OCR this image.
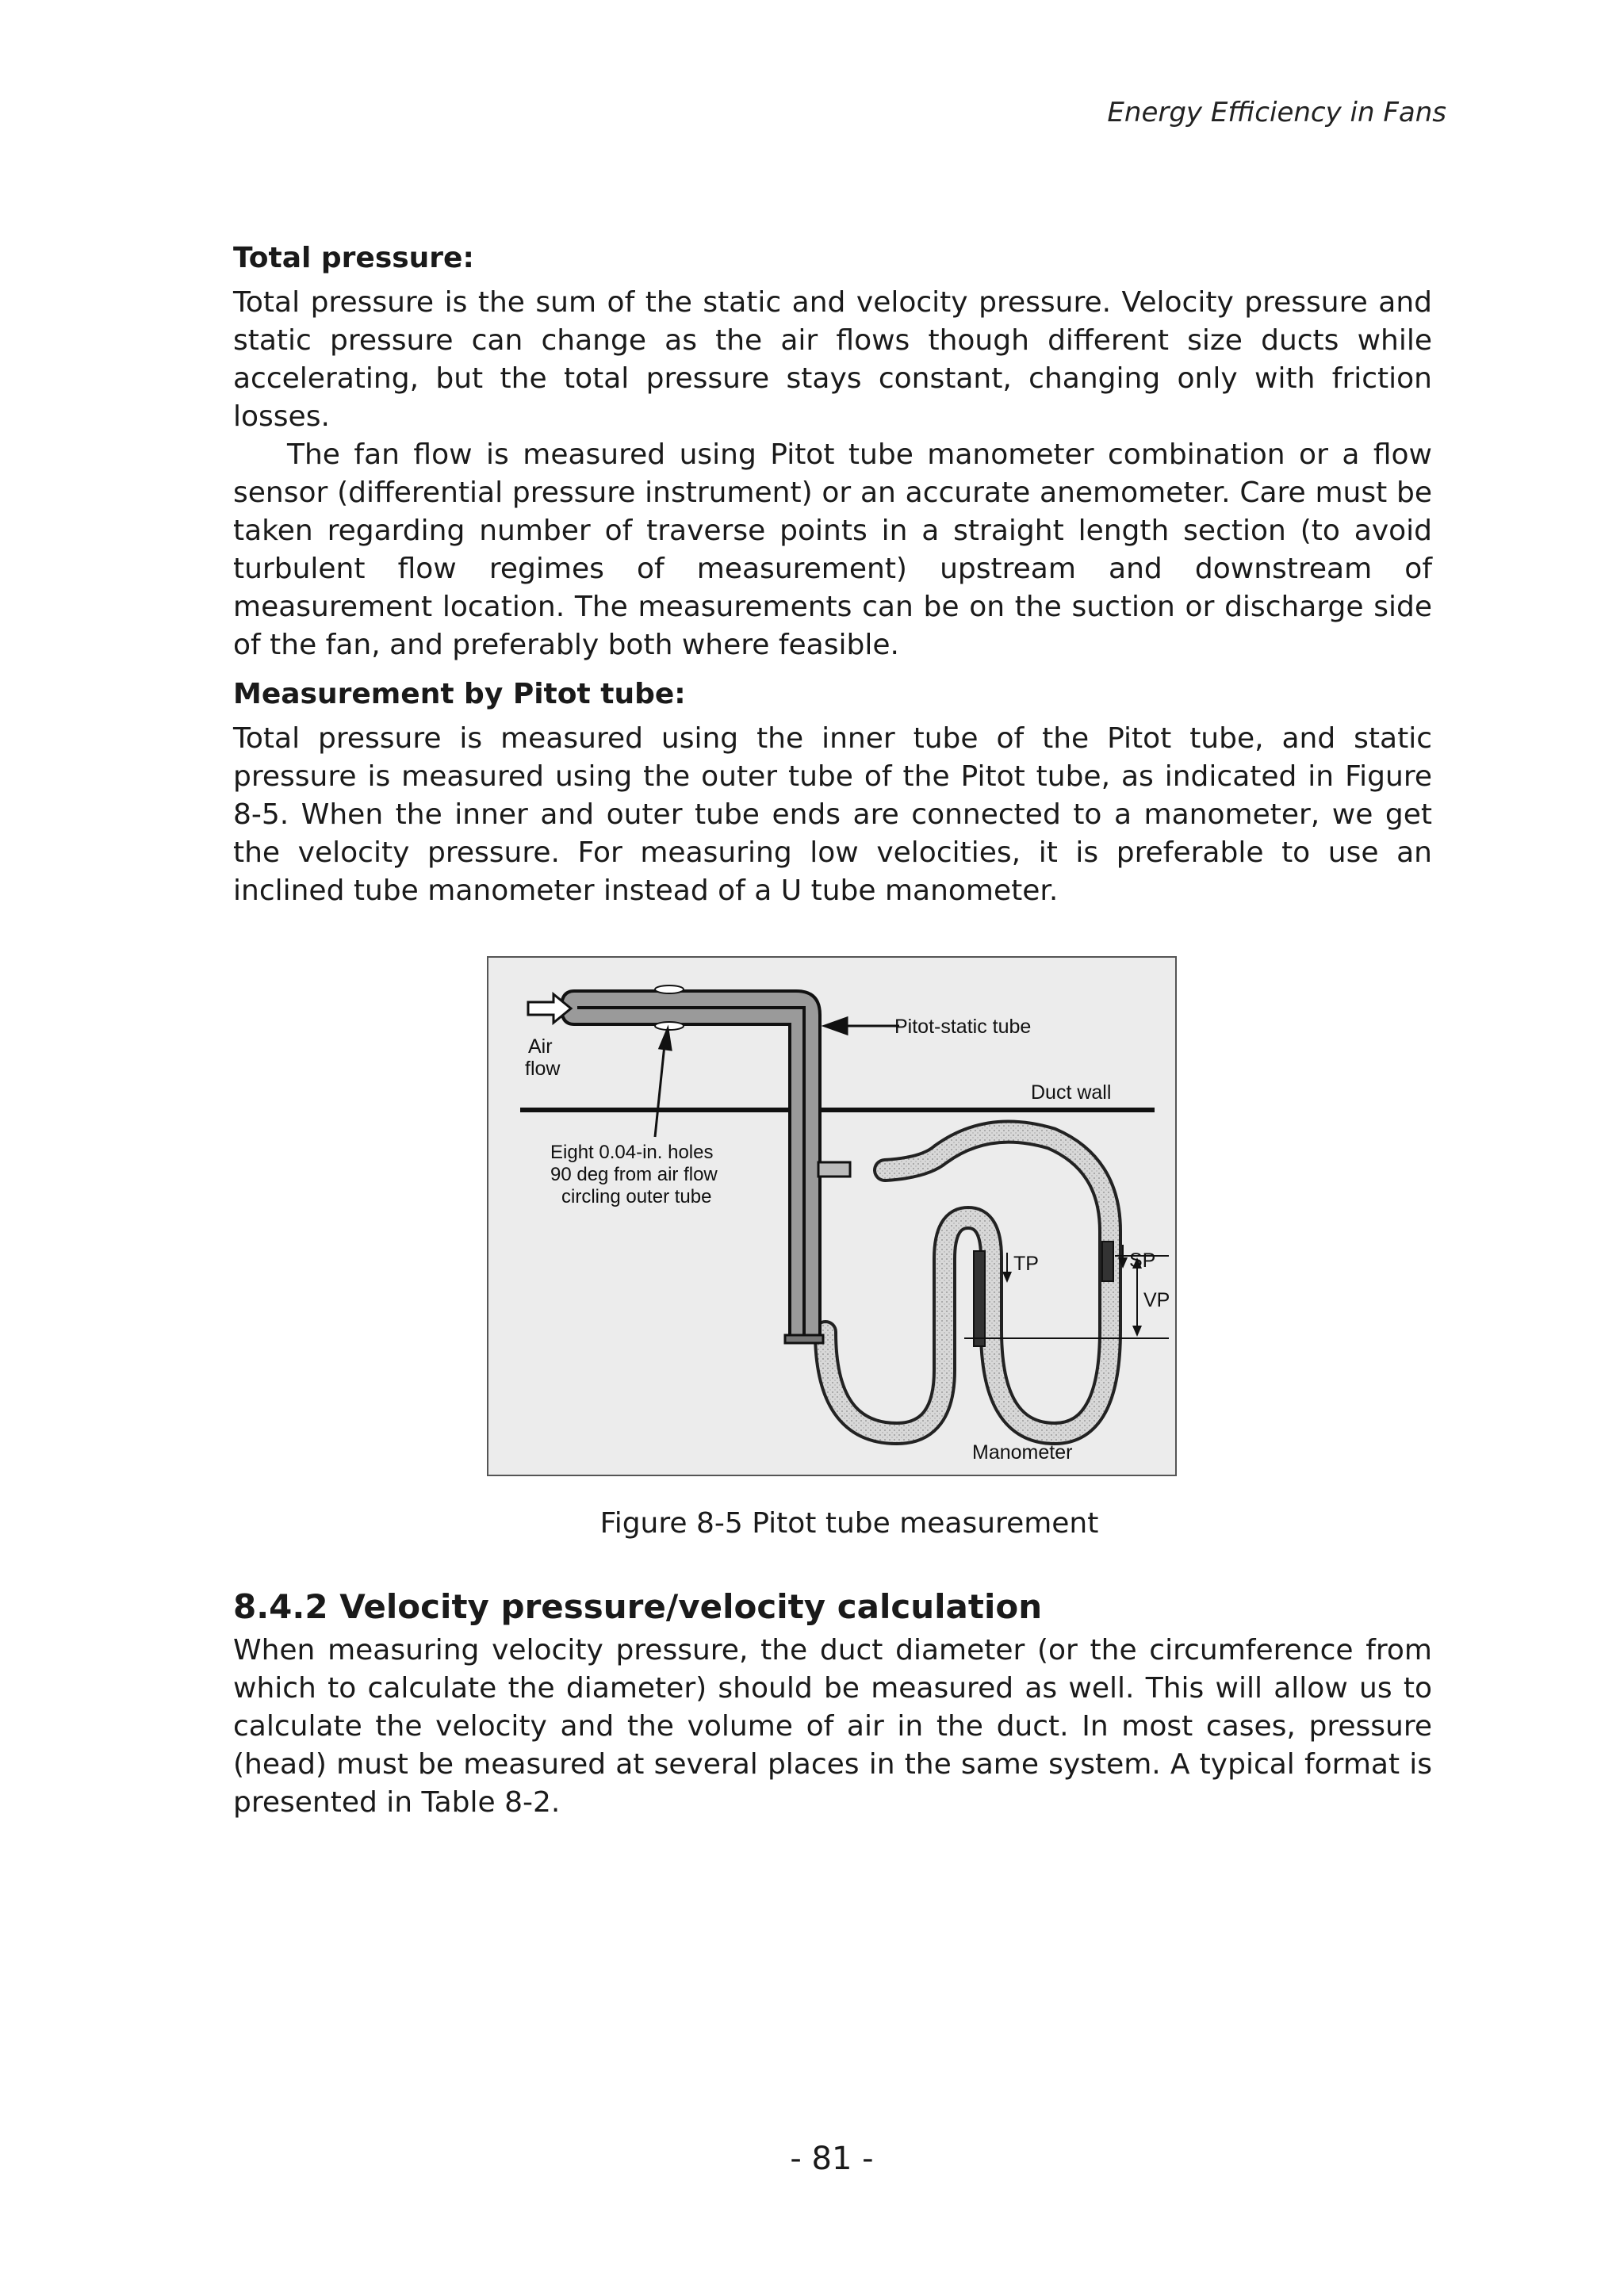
Energy Efficiency in Fans
Total pressure:

Total pressure is the sum of the static and velocity pressure. Velocity pressure and static pressure can change as the air flows though different size ducts while accelerating, but the total pressure stays constant, changing only with friction losses.

The fan flow is measured using Pitot tube manometer combination or a flow sensor (differential pressure instrument) or an accurate anemometer. Care must be taken regarding number of traverse points in a straight length section (to avoid turbulent flow regimes of measurement) upstream and downstream of measurement location. The measurements can be on the suction or discharge side of the fan, and preferably both where feasible.

Measurement by Pitot tube:

Total pressure is measured using the inner tube of the Pitot tube, and static pressure is measured using the outer tube of the Pitot tube, as indicated in Figure 8-5. When the inner and outer tube ends are connected to a manometer, we get the velocity pressure. For measuring low velocities, it is preferable to use an inclined tube manometer instead of a U tube manometer.

Air
flow
Pitot-static tube
Duct wall
Eight 0.04-in. holes
90 deg from air flow
circling outer tube
TP	SP
VP
Manometer
Figure 8-5 Pitot tube measurement
8.4.2 Velocity pressure/velocity calculation

When measuring velocity pressure, the duct diameter (or the circumference from which to calculate the diameter) should be measured as well. This will allow us to calculate the velocity and the volume of air in the duct. In most cases, pressure (head) must be measured at several places in the same system. A typical format is presented in Table 8-2.

- 81 -
